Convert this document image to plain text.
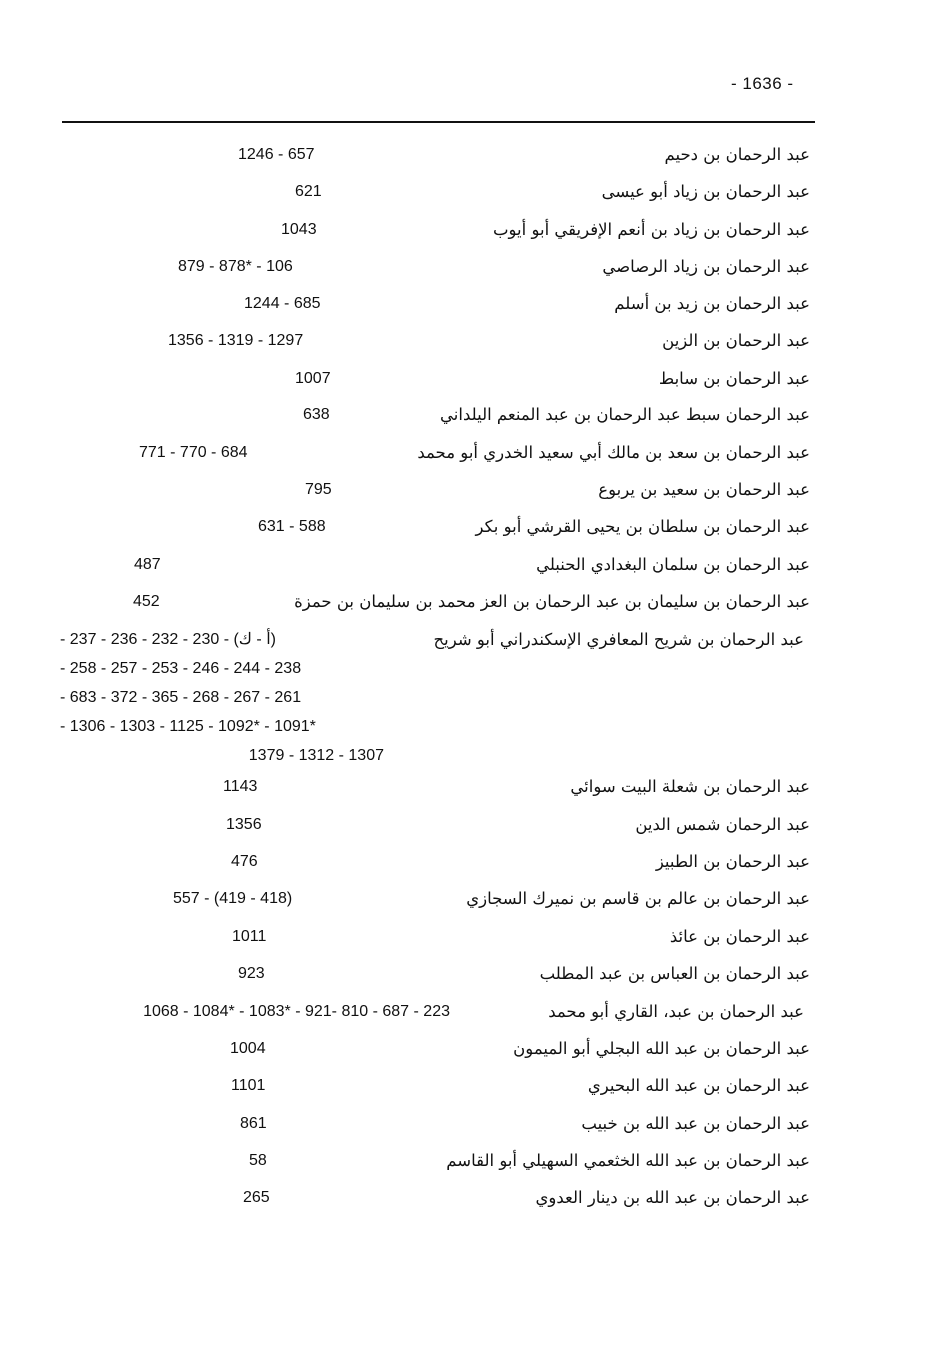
- 1636 -
عبد الرحمان بن دحيم
1246 - 657
عبد الرحمان بن زياد أبو عيسى
621
عبد الرحمان بن زياد بن أنعم الإفريقي أبو أيوب
1043
عبد الرحمان بن زياد الرصاصي
106 - *878 - 879
عبد الرحمان بن زيد بن أسلم
1244 - 685
عبد الرحمان بن الزين
1356 - 1319 - 1297
عبد الرحمان بن سابط
1007
عبد الرحمان سبط عبد الرحمان بن عبد المنعم اليلداني
638
عبد الرحمان بن سعد بن مالك أبي سعيد الخدري أبو محمد
771 - 770 - 684
عبد الرحمان بن سعيد بن يربوع
795
عبد الرحمان بن سلطان بن يحيى القرشي أبو بكر
631 - 588
عبد الرحمان بن سلمان البغدادي الحنبلي
487
عبد الرحمان بن سليمان بن عبد الرحمان بن العز محمد بن سليمان بن حمزة
452
عبد الرحمان بن شريح المعافري الإسكندراني أبو شريح
(أ - ك) - 230 - 232 - 236 - 237 -
238 - 244 - 246 - 253 - 257 - 258 -
261 - 267 - 268 - 365 - 372 - 683 -
*1091 - *1092 - 1125 - 1303 - 1306 -
1307 - 1312 - 1379
عبد الرحمان بن شعلة البيت سوائي
1143
عبد الرحمان شمس الدين
1356
عبد الرحمان بن الطبيز
476
عبد الرحمان بن عالم بن قاسم بن نميرك السجازي
(418 - 419) - 557
عبد الرحمان بن عائذ
1011
عبد الرحمان بن العباس بن عبد المطلب
923
عبد الرحمان بن عبد، القاري أبو محمد
223 - 687 - 810 -921 - *1083 - *1084 - 1068
عبد الرحمان بن عبد الله البجلي أبو الميمون
1004
عبد الرحمان بن عبد الله البحيري
1101
عبد الرحمان بن عبد الله بن خبيب
861
عبد الرحمان بن عبد الله الخثعمي السهيلي أبو القاسم
58
عبد الرحمان بن عبد الله بن دينار العدوي
265
